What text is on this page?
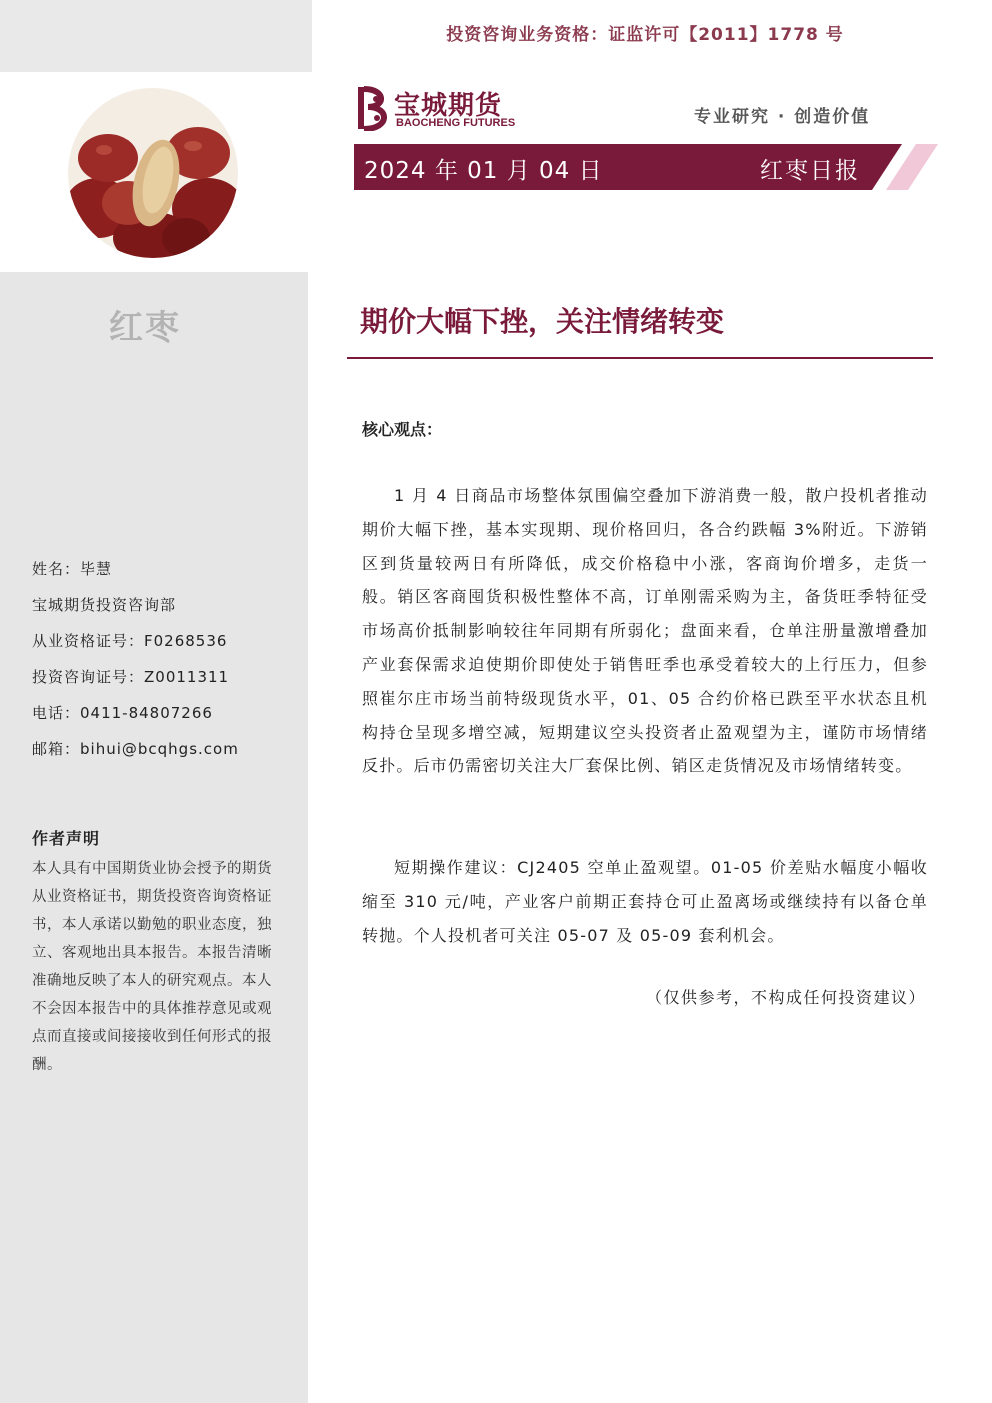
红枣
姓名：毕慧
宝城期货投资咨询部
从业资格证号：F0268536
投资咨询证号：Z0011311
电话：0411-84807266
邮箱：bihui@bcqhgs.com
作者声明
本人具有中国期货业协会授予的期货从业资格证书，期货投资咨询资格证书，本人承诺以勤勉的职业态度，独立、客观地出具本报告。本报告清晰准确地反映了本人的研究观点。本人不会因本报告中的具体推荐意见或观点而直接或间接接收到任何形式的报酬。
投资咨询业务资格：证监许可【2011】1778 号
宝城期货
BAOCHENG FUTURES	专业研究 · 创造价值
2024 年 01 月 04 日	红枣日报
期价大幅下挫，关注情绪转变
核心观点：
1 月 4 日商品市场整体氛围偏空叠加下游消费一般，散户投机者推动期价大幅下挫，基本实现期、现价格回归，各合约跌幅 3%附近。下游销区到货量较两日有所降低，成交价格稳中小涨，客商询价增多，走货一般。销区客商囤货积极性整体不高，订单刚需采购为主，备货旺季特征受市场高价抵制影响较往年同期有所弱化；盘面来看，仓单注册量激增叠加产业套保需求迫使期价即使处于销售旺季也承受着较大的上行压力，但参照崔尔庄市场当前特级现货水平，01、05 合约价格已跌至平水状态且机构持仓呈现多增空减，短期建议空头投资者止盈观望为主，谨防市场情绪反扑。后市仍需密切关注大厂套保比例、销区走货情况及市场情绪转变。
短期操作建议：CJ2405 空单止盈观望。01-05 价差贴水幅度小幅收缩至 310 元/吨，产业客户前期正套持仓可止盈离场或继续持有以备仓单转抛。个人投机者可关注 05-07 及 05-09 套利机会。
（仅供参考，不构成任何投资建议）
